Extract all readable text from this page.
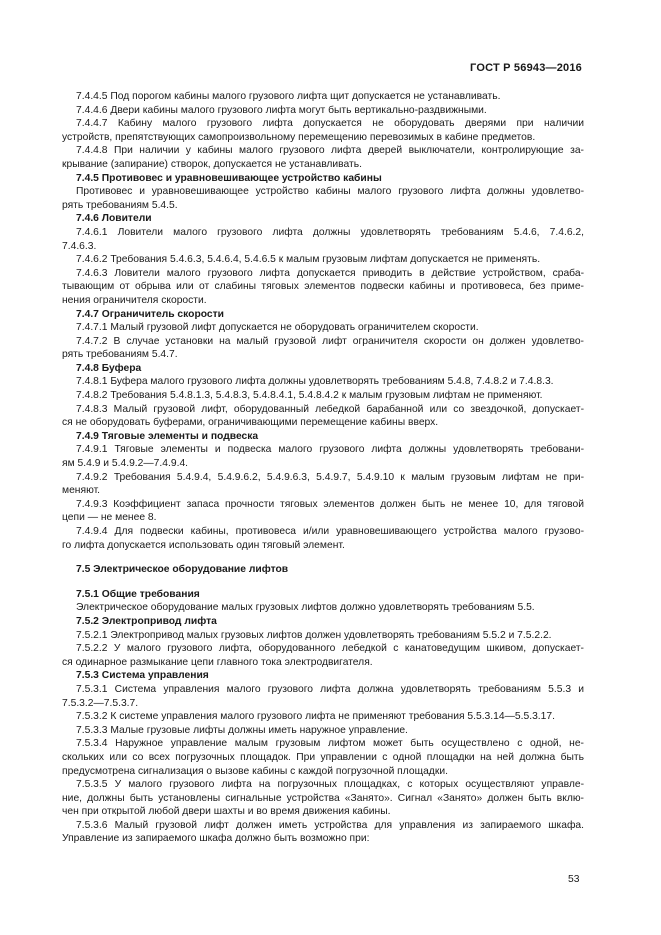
ГОСТ Р 56943—2016
7.4.4.5 Под порогом кабины малого грузового лифта щит допускается не устанавливать.
7.4.4.6 Двери кабины малого грузового лифта могут быть вертикально-раздвижными.
7.4.4.7 Кабину малого грузового лифта допускается не оборудовать дверями при наличии
устройств, препятствующих самопроизвольному перемещению перевозимых в кабине предметов.
7.4.4.8 При наличии у кабины малого грузового лифта дверей выключатели, контролирующие за-
крывание (запирание) створок, допускается не устанавливать.
7.4.5 Противовес и уравновешивающее устройство кабины
Противовес и уравновешивающее устройство кабины малого грузового лифта должны удовлетво-
рять требованиям 5.4.5.
7.4.6 Ловители
7.4.6.1 Ловители малого грузового лифта должны удовлетворять требованиям 5.4.6, 7.4.6.2,
7.4.6.3.
7.4.6.2 Требования 5.4.6.3, 5.4.6.4, 5.4.6.5 к малым грузовым лифтам допускается не применять.
7.4.6.3 Ловители малого грузового лифта допускается приводить в действие устройством, сраба-
тывающим от обрыва или от слабины тяговых элементов подвески кабины и противовеса, без приме-
нения ограничителя скорости.
7.4.7 Ограничитель скорости
7.4.7.1 Малый грузовой лифт допускается не оборудовать ограничителем скорости.
7.4.7.2 В случае установки на малый грузовой лифт ограничителя скорости он должен удовлетво-
рять требованиям 5.4.7.
7.4.8 Буфера
7.4.8.1 Буфера малого грузового лифта должны удовлетворять требованиям 5.4.8, 7.4.8.2 и 7.4.8.3.
7.4.8.2 Требования 5.4.8.1.3, 5.4.8.3, 5.4.8.4.1, 5.4.8.4.2 к малым грузовым лифтам не применяют.
7.4.8.3 Малый грузовой лифт, оборудованный лебедкой барабанной или со звездочкой, допускает-
ся не оборудовать буферами, ограничивающими перемещение кабины вверх.
7.4.9 Тяговые элементы и подвеска
7.4.9.1 Тяговые элементы и подвеска малого грузового лифта должны удовлетворять требовани-
ям 5.4.9 и 5.4.9.2—7.4.9.4.
7.4.9.2 Требования 5.4.9.4, 5.4.9.6.2, 5.4.9.6.3, 5.4.9.7, 5.4.9.10 к малым грузовым лифтам не при-
меняют.
7.4.9.3 Коэффициент запаса прочности тяговых элементов должен быть не менее 10, для тяговой
цепи — не менее 8.
7.4.9.4 Для подвески кабины, противовеса и/или уравновешивающего устройства малого грузово-
го лифта допускается использовать один тяговый элемент.
7.5 Электрическое оборудование лифтов
7.5.1 Общие требования
Электрическое оборудование малых грузовых лифтов должно удовлетворять требованиям 5.5.
7.5.2 Электропривод лифта
7.5.2.1 Электропривод малых грузовых лифтов должен удовлетворять требованиям 5.5.2 и 7.5.2.2.
7.5.2.2 У малого грузового лифта, оборудованного лебедкой с канатоведущим шкивом, допускает-
ся одинарное размыкание цепи главного тока электродвигателя.
7.5.3 Система управления
7.5.3.1 Система управления малого грузового лифта должна удовлетворять требованиям 5.5.3 и
7.5.3.2—7.5.3.7.
7.5.3.2 К системе управления малого грузового лифта не применяют требования 5.5.3.14—5.5.3.17.
7.5.3.3 Малые грузовые лифты должны иметь наружное управление.
7.5.3.4 Наружное управление малым грузовым лифтом может быть осуществлено с одной, не-
скольких или со всех погрузочных площадок. При управлении с одной площадки на ней должна быть
предусмотрена сигнализация о вызове кабины с каждой погрузочной площадки.
7.5.3.5 У малого грузового лифта на погрузочных площадках, с которых осуществляют управле-
ние, должны быть установлены сигнальные устройства «Занято». Сигнал «Занято» должен быть вклю-
чен при открытой любой двери шахты и во время движения кабины.
7.5.3.6 Малый грузовой лифт должен иметь устройства для управления из запираемого шкафа.
Управление из запираемого шкафа должно быть возможно при:
53
